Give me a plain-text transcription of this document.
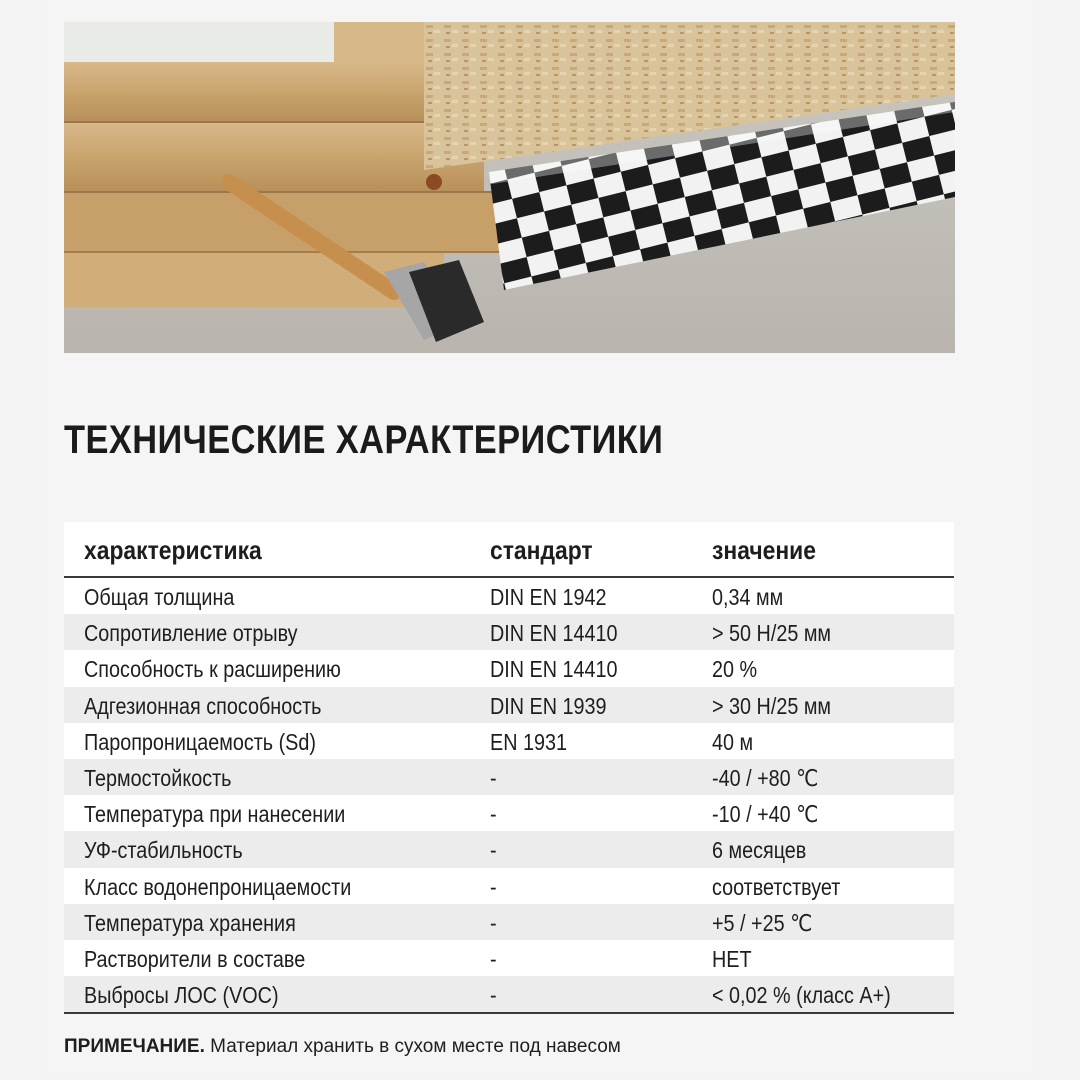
ТЕХНИЧЕСКИЕ ХАРАКТЕРИСТИКИ
характеристика	стандарт	значение
Общая толщина	DIN EN 1942	0,34 мм
Сопротивление отрыву	DIN EN 14410	> 50 Н/25 мм
Способность к расширению	DIN EN 14410	20 %
Адгезионная способность	DIN EN 1939	> 30 Н/25 мм
Паропроницаемость (Sd)	EN 1931	40 м
Термостойкость	-	-40 / +80 ℃
Температура при нанесении	-	-10 / +40 ℃
УФ-стабильность	-	6 месяцев
Класс водонепроницаемости	-	соответствует
Температура хранения	-	+5 / +25 ℃
Растворители в составе	-	НЕТ
Выбросы ЛОС (VOC)	-	< 0,02 % (класс А+)
ПРИМЕЧАНИЕ. Материал хранить в сухом месте под навесом
